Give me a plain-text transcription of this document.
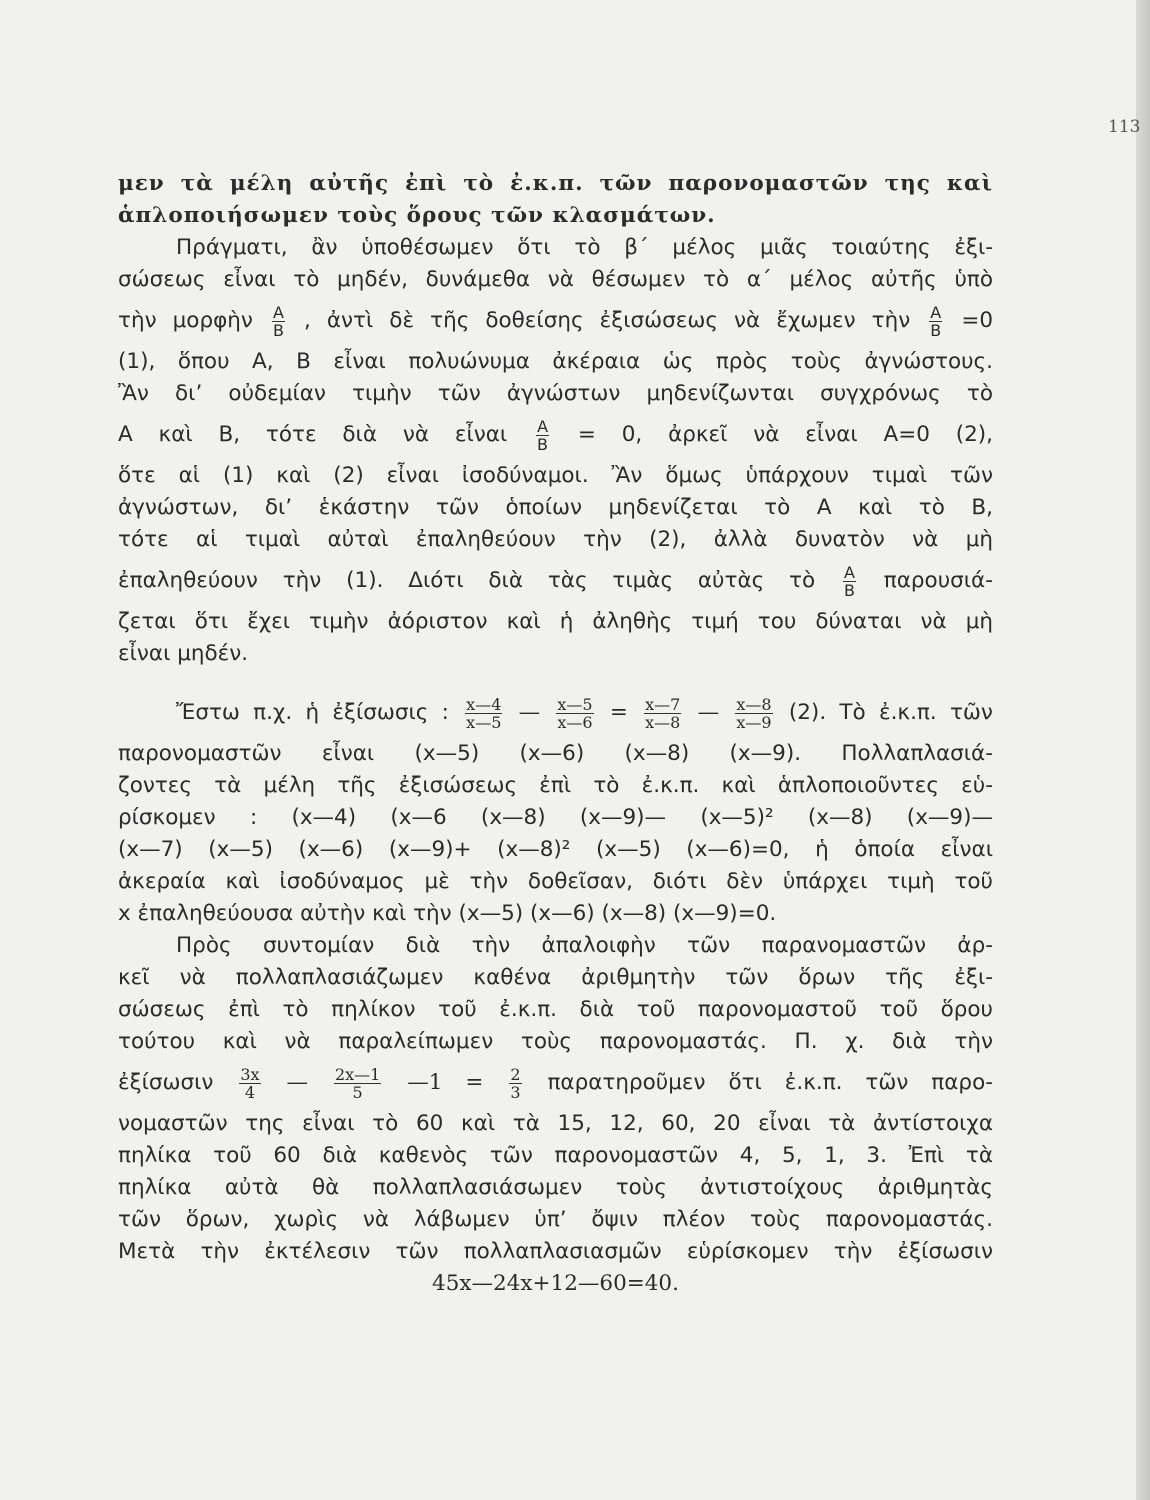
113
μεν τὰ μέλη αὐτῆς ἐπὶ τὸ ἐ.κ.π. τῶν παρονομαστῶν της καὶ
ἁπλοποιήσωμεν τοὺς ὅρους τῶν κλασμάτων.
Πράγματι, ἂν ὑποθέσωμεν ὅτι τὸ β΄ μέλος μιᾶς τοιαύτης ἐξι-
σώσεως εἶναι τὸ μηδέν, δυνάμεθα νὰ θέσωμεν τὸ α΄ μέλος αὐτῆς ὑπὸ
τὴν μορφὴν $\frac{A}{B}$ , ἀντὶ δὲ τῆς δοθείσης ἐξισώσεως νὰ ἔχωμεν τὴν $\frac{A}{B} =0$
(1), ὅπου Α, Β εἶναι πολυώνυμα ἀκέραια ὡς πρὸς τοὺς ἀγνώστους.
Ἂν δι’ οὐδεμίαν τιμὴν τῶν ἀγνώστων μηδενίζωνται συγχρόνως τὸ
Α καὶ Β, τότε διὰ νὰ εἶναι $\frac{A}{B} = 0$, ἀρκεῖ νὰ εἶναι Α=0 (2),
ὅτε αἱ (1) καὶ (2) εἶναι ἰσοδύναμοι. Ἂν ὅμως ὑπάρχουν τιμαὶ τῶν
ἀγνώστων, δι’ ἑκάστην τῶν ὁποίων μηδενίζεται τὸ Α καὶ τὸ Β,
τότε αἱ τιμαὶ αὐταὶ ἐπαληθεύουν τὴν (2), ἀλλὰ δυνατὸν νὰ μὴ
ἐπαληθεύουν τὴν (1). Διότι διὰ τὰς τιμὰς αὐτὰς τὸ $\frac{A}{B} \pi\alpha\rho o\upsilon\sigma\iota ά-$
ζεται ὅτι ἔχει τιμὴν ἀόριστον καὶ ἡ ἀληθὴς τιμή του δύναται νὰ μὴ
εἶναι μηδέν.
Ἔστω π.χ. ἡ ἐξίσωσις : $\frac{x—4}{x—5}$ — $\frac{x—5}{x—6} = \frac{x—7}{x—8}$ — $\frac{x—8}{x—9} (2)$. Τὸ ἐ.κ.π. τῶν
παρονομαστῶν εἶναι (x—5) (x—6) (x—8) (x—9). Πολλαπλασιά-
ζοντες τὰ μέλη τῆς ἐξισώσεως ἐπὶ τὸ ἐ.κ.π. καὶ ἁπλοποιοῦντες εὑ-
ρίσκομεν : (x—4) (x—6 (x—8) (x—9)— (x—5)² (x—8) (x—9)—
(x—7) (x—5) (x—6) (x—9)+ (x—8)² (x—5) (x—6)=0, ἡ ὁποία εἶναι
ἀκεραία καὶ ἰσοδύναμος μὲ τὴν δοθεῖσαν, διότι δὲν ὑπάρχει τιμὴ τοῦ
x ἐπαληθεύουσα αὐτὴν καὶ τὴν (x—5) (x—6) (x—8) (x—9)=0.
Πρὸς συντομίαν διὰ τὴν ἀπαλοιφὴν τῶν παρανομαστῶν ἀρ-
κεῖ νὰ πολλαπλασιάζωμεν καθένα ἀριθμητὴν τῶν ὅρων τῆς ἐξι-
σώσεως ἐπὶ τὸ πηλίκον τοῦ ἐ.κ.π. διὰ τοῦ παρονομαστοῦ τοῦ ὅρου
τούτου καὶ νὰ παραλείπωμεν τοὺς παρονομαστάς. Π. χ. διὰ τὴν
ἐξίσωσιν $\frac{3x}{4}$ — $\frac{2x—1}{5}$ —1 = $\frac{2}{3}$ παρατηροῦμεν ὅτι ἐ.κ.π. τῶν παρο-
νομαστῶν της εἶναι τὸ 60 καὶ τὰ 15, 12, 60, 20 εἶναι τὰ ἀντίστοιχα
πηλίκα τοῦ 60 διὰ καθενὸς τῶν παρονομαστῶν 4, 5, 1, 3. Ἐπὶ τὰ
πηλίκα αὐτὰ θὰ πολλαπλασιάσωμεν τοὺς ἀντιστοίχους ἀριθμητὰς
τῶν ὅρων, χωρὶς νὰ λάβωμεν ὑπ’ ὄψιν πλέον τοὺς παρονομαστάς.
Μετὰ τὴν ἐκτέλεσιν τῶν πολλαπλασιασμῶν εὑρίσκομεν τὴν ἐξίσωσιν
45x—24x+12—60=40.
